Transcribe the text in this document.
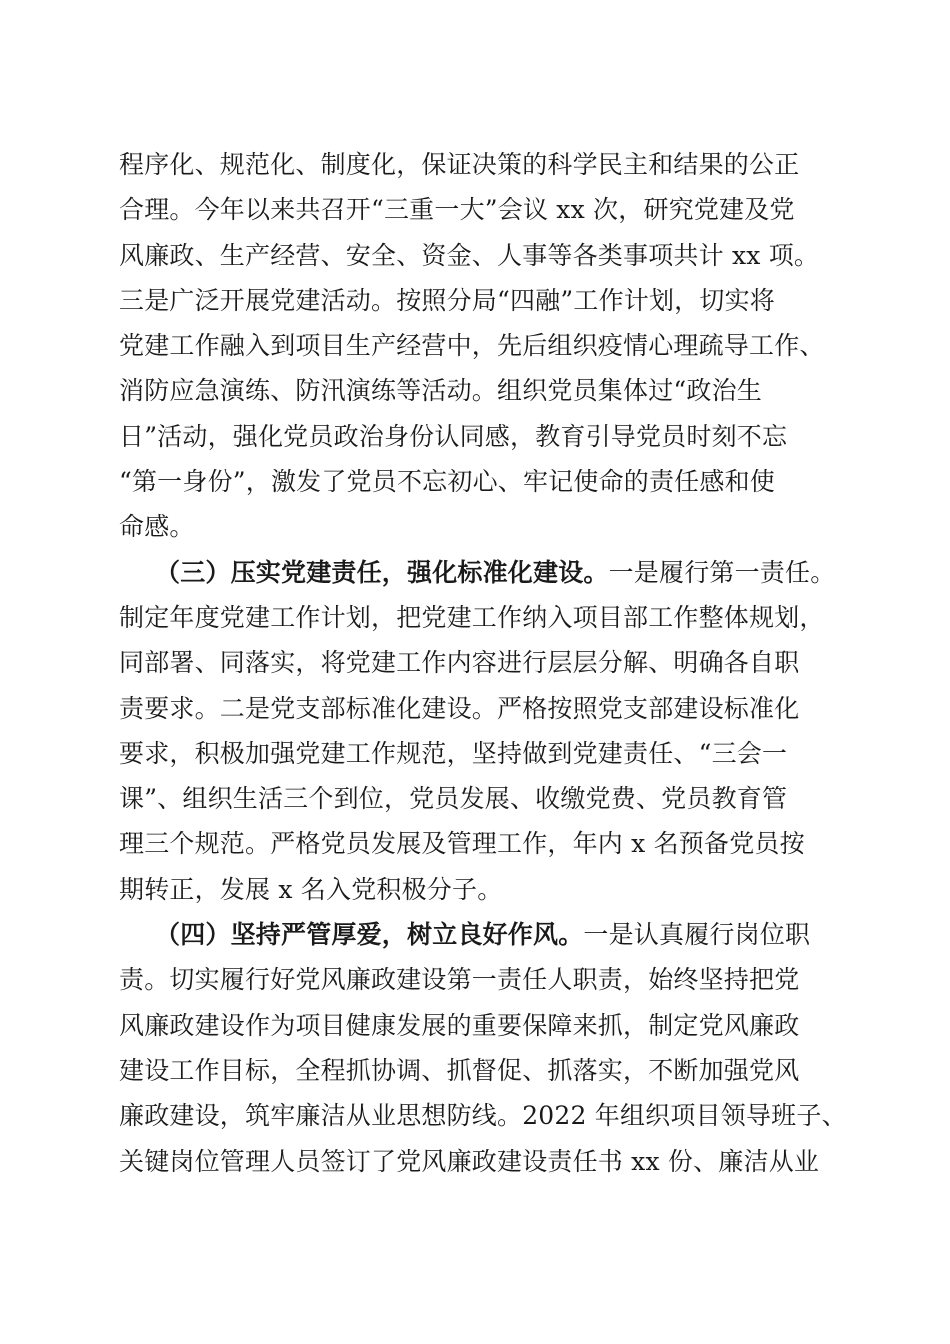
程序化、规范化、制度化，保证决策的科学民主和结果的公正
合理。今年以来共召开“三重一大”会议 xx 次，研究党建及党
风廉政、生产经营、安全、资金、人事等各类事项共计 xx 项。
三是广泛开展党建活动。按照分局“四融”工作计划，切实将
党建工作融入到项目生产经营中，先后组织疫情心理疏导工作、
消防应急演练、防汛演练等活动。组织党员集体过“政治生
日”活动，强化党员政治身份认同感，教育引导党员时刻不忘
“第一身份”，激发了党员不忘初心、牢记使命的责任感和使
命感。
（三）压实党建责任，强化标准化建设。一是履行第一责任。
制定年度党建工作计划，把党建工作纳入项目部工作整体规划，
同部署、同落实，将党建工作内容进行层层分解、明确各自职
责要求。二是党支部标准化建设。严格按照党支部建设标准化
要求，积极加强党建工作规范，坚持做到党建责任、“三会一
课”、组织生活三个到位，党员发展、收缴党费、党员教育管
理三个规范。严格党员发展及管理工作，年内 x 名预备党员按
期转正，发展 x 名入党积极分子。
（四）坚持严管厚爱，树立良好作风。一是认真履行岗位职
责。切实履行好党风廉政建设第一责任人职责，始终坚持把党
风廉政建设作为项目健康发展的重要保障来抓，制定党风廉政
建设工作目标，全程抓协调、抓督促、抓落实，不断加强党风
廉政建设，筑牢廉洁从业思想防线。2022 年组织项目领导班子、
关键岗位管理人员签订了党风廉政建设责任书 xx 份、廉洁从业
